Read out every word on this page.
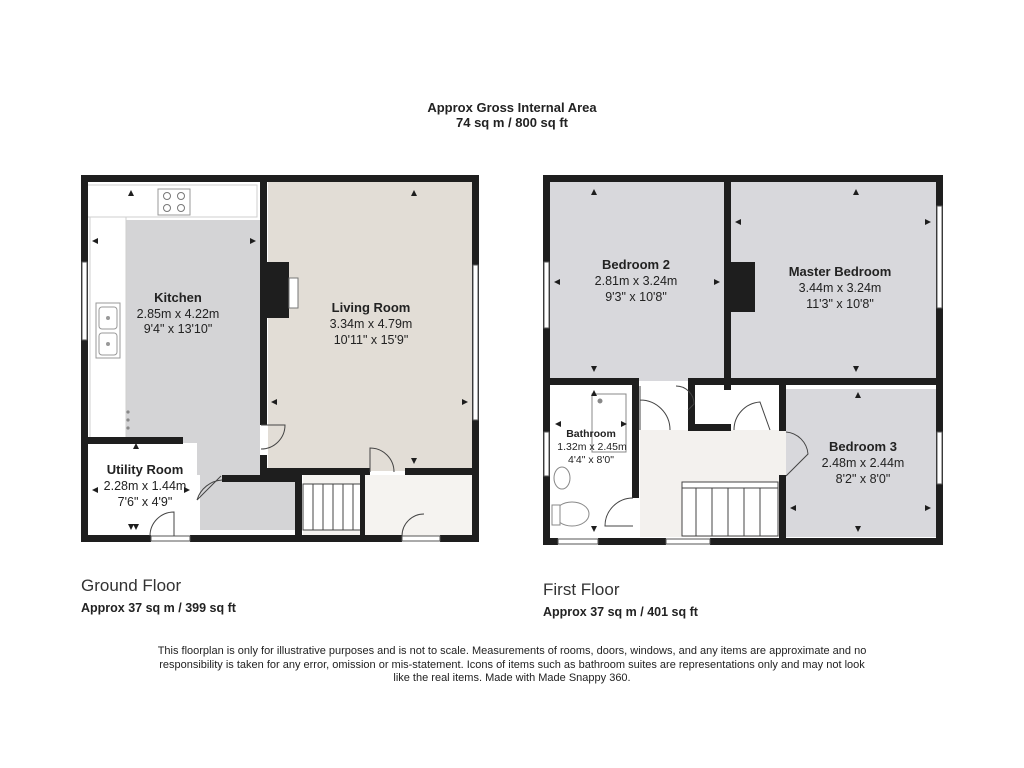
Approx Gross Internal Area
74 sq m / 800 sq ft
Kitchen
2.85m x 4.22m
9'4" x 13'10"
Living Room
3.34m x 4.79m
10'11" x 15'9"
Utility Room
2.28m x 1.44m
7'6" x 4'9"
Bedroom 2
2.81m x 3.24m
9'3" x 10'8"
Master Bedroom
3.44m x 3.24m
11'3" x 10'8"
Bathroom
1.32m x 2.45m
4'4" x 8'0"
Bedroom 3
2.48m x 2.44m
8'2" x 8'0"
Ground Floor
Approx 37 sq m / 399 sq ft
First Floor
Approx 37 sq m / 401 sq ft
This floorplan is only for illustrative purposes and is not to scale. Measurements of rooms, doors, windows, and any items are approximate and no responsibility is taken for any error, omission or mis-statement. Icons of items such as bathroom suites are representations only and may not look like the real items. Made with Made Snappy 360.
